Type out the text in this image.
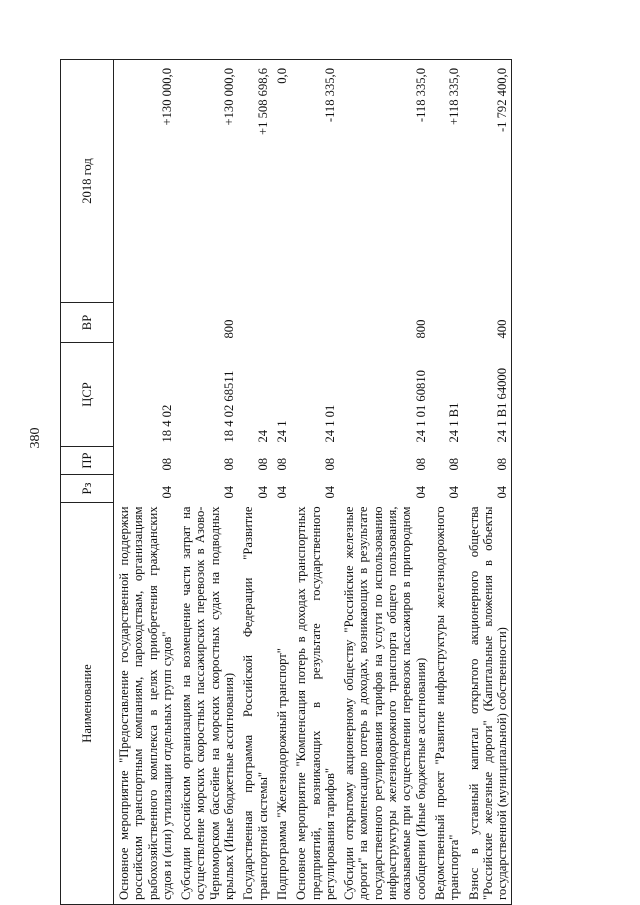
380
Наименование	Рз	ПР	ЦСР	ВР	2018 год
Основное мероприятие "Предоставление государственной поддержки российским транспортным компаниям, пароходствам, организациям рыбохозяйственного комплекса в целях приобретения гражданских судов и (или) утилизации отдельных групп судов"	04	08	18 4 02		+130 000,0
Субсидии российским организациям на возмещение части затрат на осуществление морских скоростных пассажирских перевозок в Азово-Черноморском бассейне на морских скоростных судах на подводных крыльях (Иные бюджетные ассигнования)	04	08	18 4 02 68511	800	+130 000,0
Государственная программа Российской Федерации "Развитие транспортной системы"	04	08	24		+1 508 698,6
Подпрограмма "Железнодорожный транспорт"	04	08	24 1		0,0
Основное мероприятие "Компенсация потерь в доходах транспортных предприятий, возникающих в результате государственного регулирования тарифов"	04	08	24 1 01		-118 335,0
Субсидии открытому акционерному обществу "Российские железные дороги" на компенсацию потерь в доходах, возникающих в результате государственного регулирования тарифов на услуги по использованию инфраструктуры железнодорожного транспорта общего пользования, оказываемые при осуществлении перевозок пассажиров в пригородном сообщении (Иные бюджетные ассигнования)	04	08	24 1 01 60810	800	-118 335,0
Ведомственный проект "Развитие инфраструктуры железнодорожного транспорта"	04	08	24 1 B1		+118 335,0
Взнос в уставный капитал открытого акционерного общества "Российские железные дороги" (Капитальные вложения в объекты государственной (муниципальной) собственности)	04	08	24 1 B1 64000	400	-1 792 400,0
